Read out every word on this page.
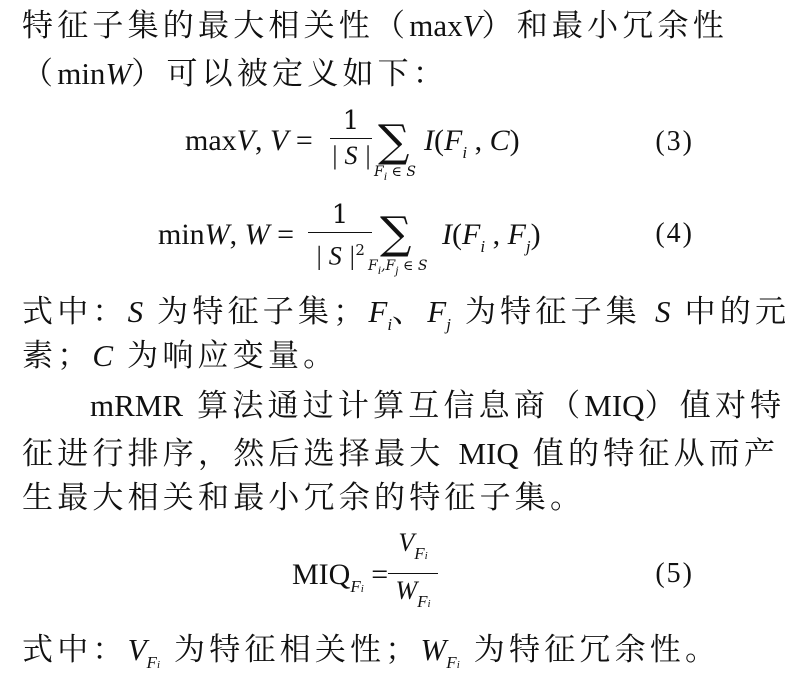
特征子集的最大相关性（maxV）和最小冗余性
（minW）可以被定义如下：
maxV, V =
1
| S | ∑
Fi ∈ S
$I(F_i$ , C)	(3)
minW, W =
1
| S $|^2$ ∑
Fi,Fj ∈ S
$I(F_i$ , $F_j$)	(4)
式中：S 为特征子集；$F_i$、$F_j$ 为特征子集 S 中的元
素；C 为响应变量。
mRMR 算法通过计算互信息商（MIQ）值对特
征进行排序，然后选择最大 MIQ 值的特征从而产
生最大相关和最小冗余的特征子集。
$MIQ_{Fi}$ =
$V_{Fi}$
$W_{Fi}$
(5)
式中：$V_{Fi}$ 为特征相关性；$W_{Fi}$ 为特征冗余性。
